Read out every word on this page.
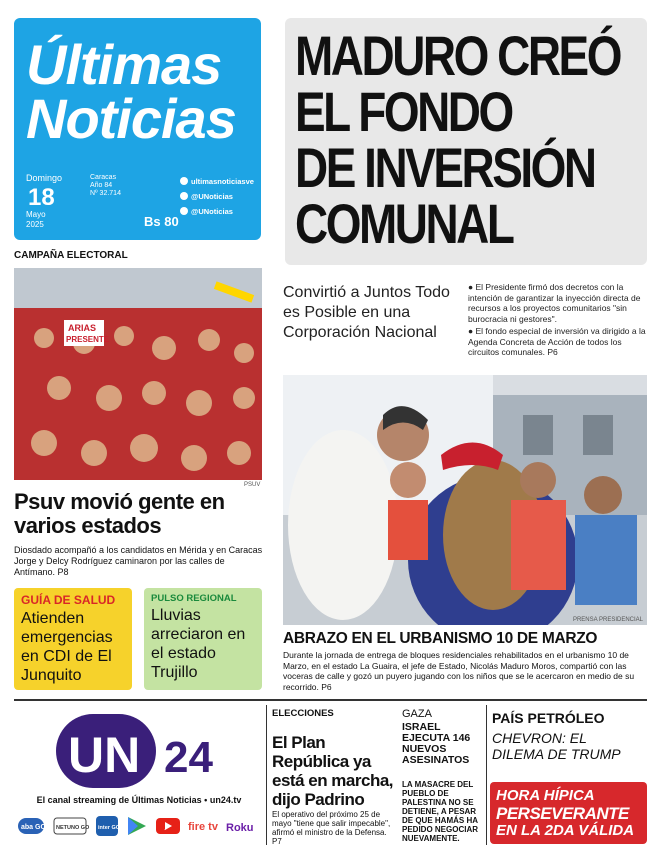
Últimas
Noticias
Domingo
18
Mayo
2025
Caracas
Año 84
Nº 32.714
Bs 80
ultimasnoticiasve
@UNoticias
@UNoticias
www.ultimasnoticias.com.ve
MADURO CREÓ
EL FONDO
DE INVERSIÓN
COMUNAL
Convirtió a Juntos Todo es Posible en una Corporación Nacional

● El Presidente firmó dos decretos con la intención de garantizar la inyección directa de recursos a los proyectos comunitarios "sin burocracia ni gestores".

● El fondo especial de inversión va dirigido a la Agenda Concreta de Acción de todos los circuitos comunales. P6

PRENSA PRESIDENCIAL
ABRAZO EN EL URBANISMO 10 DE MARZO
Durante la jornada de entrega de bloques residenciales rehabilitados en el urbanismo 10 de Marzo, en el estado La Guaira, el jefe de Estado, Nicolás Maduro Moros, compartió con las voceras de calle y gozó un puyero jugando con los niños que se le acercaron en medio de su recorrido. P6
CAMPAÑA ELECTORAL
ARIAS
PRESENTE
PSUV
Psuv movió gente en varios estados
Diosdado acompañó a los candidatos en Mérida y en Caracas Jorge y Delcy Rodríguez caminaron por las calles de Antímano. P8
GUÍA DE SALUD
Atienden emergencias en CDI de El Junquito
PULSO REGIONAL
Lluvias arreciaron en el estado Trujillo
UN 24
El canal streaming de Últimas Noticias • un24.tv
aba GO NETUNO GO inter GO	▶ fire tv Roku
ELECCIONES
El Plan República ya está en marcha, dijo Padrino
El operativo del próximo 25 de mayo "tiene que salir impecable", afirmó el ministro de la Defensa. P7
GAZA
ISRAEL EJECUTA 146 NUEVOS ASESINATOS
LA MASACRE DEL PUEBLO DE PALESTINA NO SE DETIENE, A PESAR DE QUE HAMÁS HA PEDIDO NEGOCIAR NUEVAMENTE.
PAÍS PETRÓLEO
CHEVRON: EL DILEMA DE TRUMP
HORA HÍPICA
PERSEVERANTE
EN LA 2DA VÁLIDA
